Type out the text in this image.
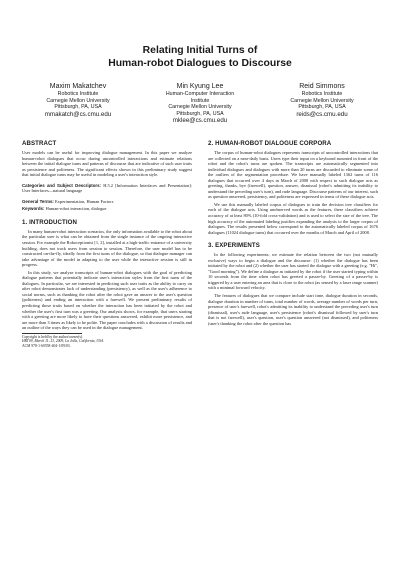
Relating Initial Turns of
Human-robot Dialogues to Discourse
Maxim Makatchev
Robotics Institute
Carnegie Mellon University
Pittsburgh, PA, USA
mmakatch@cs.cmu.edu
Min Kyung Lee
Human-Computer Interaction
Institute
Carnegie Mellon University
Pittsburgh, PA, USA
mklee@cs.cmu.edu
Reid Simmons
Robotics Institute
Carnegie Mellon University
Pittsburgh, PA, USA
reids@cs.cmu.edu
ABSTRACT
User models can be useful for improving dialogue management. In this paper we analyze human-robot dialogues that occur during uncontrolled interactions and estimate relations between the initial dialogue turns and patterns of discourse that are indicative of such user traits as persistence and politeness. The significant effects shown in this preliminary study suggest that initial dialogue turns may be useful in modeling a user's interaction style.
Categories and Subject Descriptors: H.5.2 [Information Interfaces and Presentation]: User Interfaces—natural language
General Terms: Experimentation, Human Factors
Keywords: Human-robot interaction, dialogue
1. INTRODUCTION
In many human-robot interaction scenarios, the only information available to the robot about the particular user is what can be obtained from the single instance of the ongoing interactive session. For example the Roboceptionist [1, 2], installed at a high-traffic entrance of a university building, does not track users from session to session. Therefore, the user model has to be constructed on-the-fly, ideally from the first turns of the dialogue, so that dialogue manager can take advantage of the model in adapting to the user while the interactive session is still in progress.
In this study, we analyze transcripts of human-robot dialogues with the goal of predicting dialogue patterns that potentially indicate user's interaction styles from the first turns of the dialogues. In particular, we are interested in predicting such user traits as the ability to carry on after robot demonstrates lack of understanding (persistency), as well as the user's adherence to social norms, such as thanking the robot after the robot gave an answer to the user's question (politeness) and ending an interaction with a farewell. We present preliminary results of predicting those traits based on whether the interaction has been initiated by the robot and whether the user's first turn was a greeting. Our analysis shows, for example, that users starting with a greeting are more likely to have their questions answered, exhibit more persistence, and are more than 3 times as likely to be polite. The paper concludes with a discussion of results and an outline of the ways they can be used in the dialogue management.
Copyright is held by the author/owner(s).
HRI'09, March 11–13, 2009, La Jolla, California, USA.
ACM 978-1-60558-404-1/09/03.
2. HUMAN-ROBOT DIALOGUE CORPORA
The corpus of human-robot dialogues represents transcripts of uncontrolled interactions that are collected on a near-daily basis. Users type their input on a keyboard mounted in front of the robot and the robot's turns are spoken. The transcripts are automatically segmented into individual dialogues and dialogues with more than 20 turns are discarded to eliminate some of the outliers of the segmentation procedure. We have manually labeled 1362 turns of 116 dialogues that occurred over 4 days in March of 2008 with respect to such dialogue acts as greeting, thanks, bye (farewell), question, answer, dismissal (robot's admitting its inability to understand the preceding user's turn), and rude language. Discourse patterns of our interest, such as question answered, persistency, and politeness are expressed in terms of these dialogue acts.
We use this manually labeled corpus of dialogues to train the decision tree classifiers for each of the dialogue acts. Using unobserved words as the features, these classifiers achieve accuracy of at least 80% (10-fold cross-validation) and is used to select the size of the tree. The high accuracy of the automated labeling justifies expanding the analysis to the larger corpus of dialogues. The results presented below correspond to the automatically labeled corpus of 1676 dialogues (11024 dialogue turns) that occurred over the months of March and April of 2008.
3. EXPERIMENTS
In the following experiments, we estimate the relation between the two (not mutually exclusive) ways to begin a dialogue and the discourse: (1) whether the dialogue has been initiated by the robot and (2) whether the user has started the dialogue with a greeting (e.g. "Hi", "Good morning"). We define a dialogue as initiated by the robot if the user started typing within 10 seconds from the time when robot has greeted a passer-by. Greeting of a passer-by is triggered by a user entering an area that is close to the robot (as sensed by a laser range scanner) with a minimal forward velocity.
The features of dialogues that we compare include start time, dialogue duration in seconds, dialogue duration in number of turns, total number of words, average number of words per turn, presence of user's farewell, robot's admitting its inability to understand the preceding user's turn (dismissal), user's rude language, user's persistence (robot's dismissal followed by user's turn that is not farewell), user's question, user's question answered (not dismissed), and politeness (user's thanking the robot after the question has
